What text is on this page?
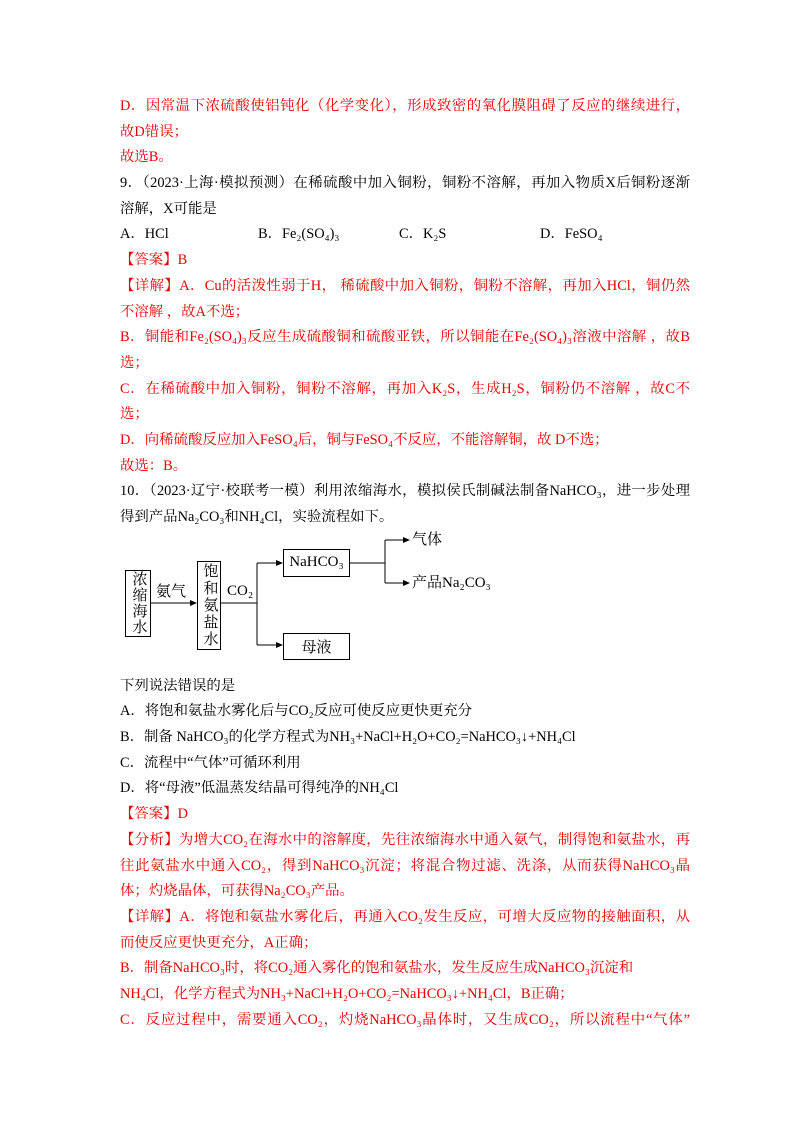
D．因常温下浓硫酸使铝钝化（化学变化），形成致密的氧化膜阻碍了反应的继续进行，
故D错误；
故选B。
9．（2023·上海·模拟预测）在稀硫酸中加入铜粉，铜粉不溶解，再加入物质X后铜粉逐渐
溶解，X可能是
A．HCl	B．Fe₂(SO₄)₃	C．K₂S	D．FeSO₄
【答案】B
【详解】A．Cu的活泼性弱于H， 稀硫酸中加入铜粉，铜粉不溶解，再加入HCl，铜仍然
不溶解 ，故A不选；
B．铜能和Fe₂(SO₄)₃反应生成硫酸铜和硫酸亚铁，所以铜能在Fe₂(SO₄)₃溶液中溶解 ，故B
选；
C．在稀硫酸中加入铜粉，铜粉不溶解，再加入K₂S，生成H₂S，铜粉仍不溶解 ，故C不
选；
D．向稀硫酸反应加入FeSO₄后，铜与FeSO₄不反应，不能溶解铜，故 D不选；
故选：B。
10．（2023·辽宁·校联考一模）利用浓缩海水，模拟侯氏制碱法制备NaHCO₃，进一步处理
得到产品Na₂CO₃和NH₄Cl，实验流程如下。
浓缩海水 氨气 饱和氨盐水 CO₂
NaHCO₃
母液
气体
产品Na₂CO₃
下列说法错误的是
A．将饱和氨盐水雾化后与CO₂反应可使反应更快更充分
B．制备 NaHCO₃的化学方程式为NH₃+NaCl+H₂O+CO₂=NaHCO₃↓+NH₄Cl
C．流程中“气体”可循环利用
D．将“母液”低温蒸发结晶可得纯净的NH₄Cl
【答案】D
【分析】为增大CO₂在海水中的溶解度，先往浓缩海水中通入氨气，制得饱和氨盐水，再
往此氨盐水中通入CO₂，得到NaHCO₃沉淀；将混合物过滤、洗涤，从而获得NaHCO₃晶
体；灼烧晶体，可获得Na₂CO₃产品。
【详解】A．将饱和氨盐水雾化后，再通入CO₂发生反应，可增大反应物的接触面积，从
而使反应更快更充分，A正确；
B．制备NaHCO₃时，将CO₂通入雾化的饱和氨盐水，发生反应生成NaHCO₃沉淀和
NH₄Cl，化学方程式为NH₃+NaCl+H₂O+CO₂=NaHCO₃↓+NH₄Cl，B正确；
C．反应过程中，需要通入CO₂，灼烧NaHCO₃晶体时，又生成CO₂，所以流程中“气体”
